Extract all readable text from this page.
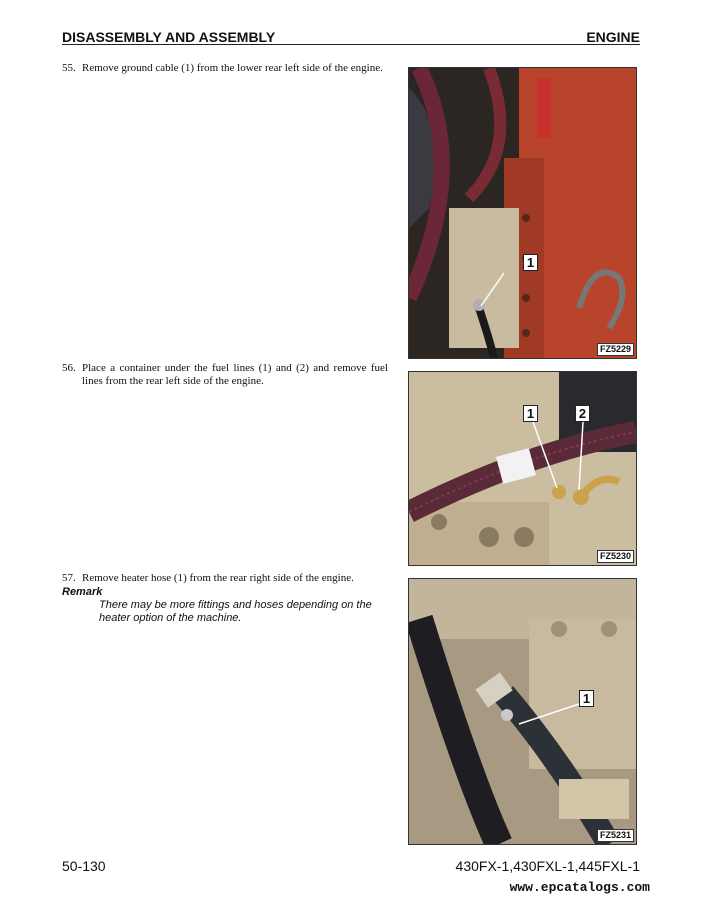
DISASSEMBLY AND ASSEMBLY	ENGINE
55. Remove ground cable (1) from the lower rear left side of the engine.
1
FZ5229
56. Place a container under the fuel lines (1) and (2) and remove fuel lines from the rear left side of the engine.
1	2
FZ5230
57. Remove heater hose (1) from the rear right side of the engine.
Remark
There may be more fittings and hoses depending on the heater option of the machine.
1
FZ5231
50-130	430FX-1,430FXL-1,445FXL-1
www.epcatalogs.com
